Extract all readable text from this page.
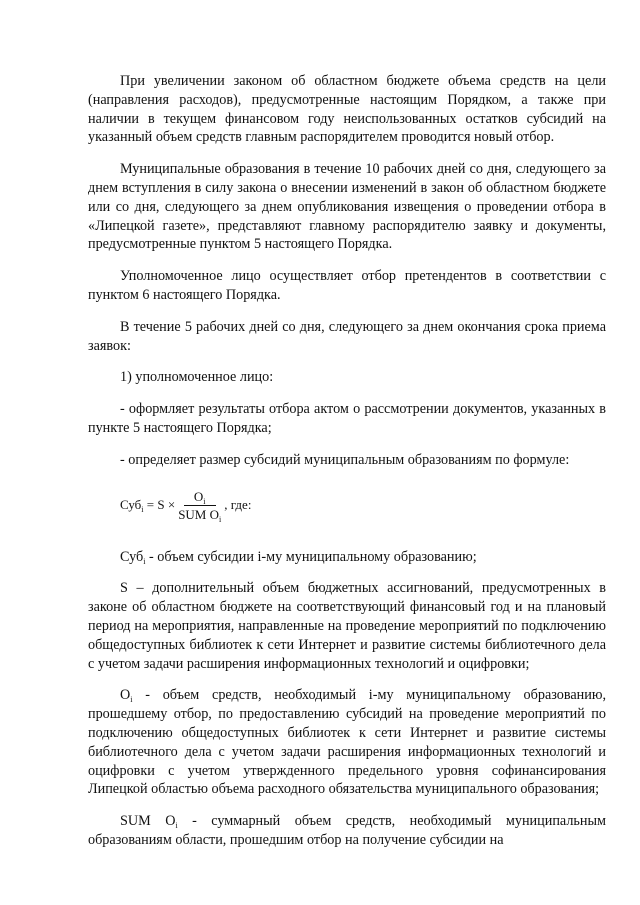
При увеличении законом об областном бюджете объема средств на цели (направления расходов), предусмотренные настоящим Порядком, а также при наличии в текущем финансовом году неиспользованных остатков субсидий на указанный объем средств главным распорядителем проводится новый отбор.

Муниципальные образования в течение 10 рабочих дней со дня, следующего за днем вступления в силу закона о внесении изменений в закон об областном бюджете или со дня, следующего за днем опубликования извещения о проведении отбора в «Липецкой газете», представляют главному распорядителю заявку и документы, предусмотренные пунктом 5 настоящего Порядка.

Уполномоченное лицо осуществляет отбор претендентов в соответствии с пунктом 6 настоящего Порядка.

В течение 5 рабочих дней со дня, следующего за днем окончания срока приема заявок:

1) уполномоченное лицо:

- оформляет результаты отбора актом о рассмотрении документов, указанных в пункте 5 настоящего Порядка;

- определяет размер субсидий муниципальным образованиям по формуле:

$Суб_i = S \times \frac{О_i}{SUM О_i}$ , где:

Суб$_i$ - объем субсидии i-му муниципальному образованию;

S – дополнительный объем бюджетных ассигнований, предусмотренных в законе об областном бюджете на соответствующий финансовый год и на плановый период на мероприятия, направленные на проведение мероприятий по подключению общедоступных библиотек к сети Интернет и развитие системы библиотечного дела с учетом задачи расширения информационных технологий и оцифровки;

$О_i$ - объем средств, необходимый i-му муниципальному образованию, прошедшему отбор, по предоставлению субсидий на проведение мероприятий по подключению общедоступных библиотек к сети Интернет и развитие системы библиотечного дела с учетом задачи расширения информационных технологий и оцифровки с учетом утвержденного предельного уровня софинансирования Липецкой областью объема расходного обязательства муниципального образования;

SUM $О_i$ - суммарный объем средств, необходимый муниципальным образованиям области, прошедшим отбор на получение субсидии на
